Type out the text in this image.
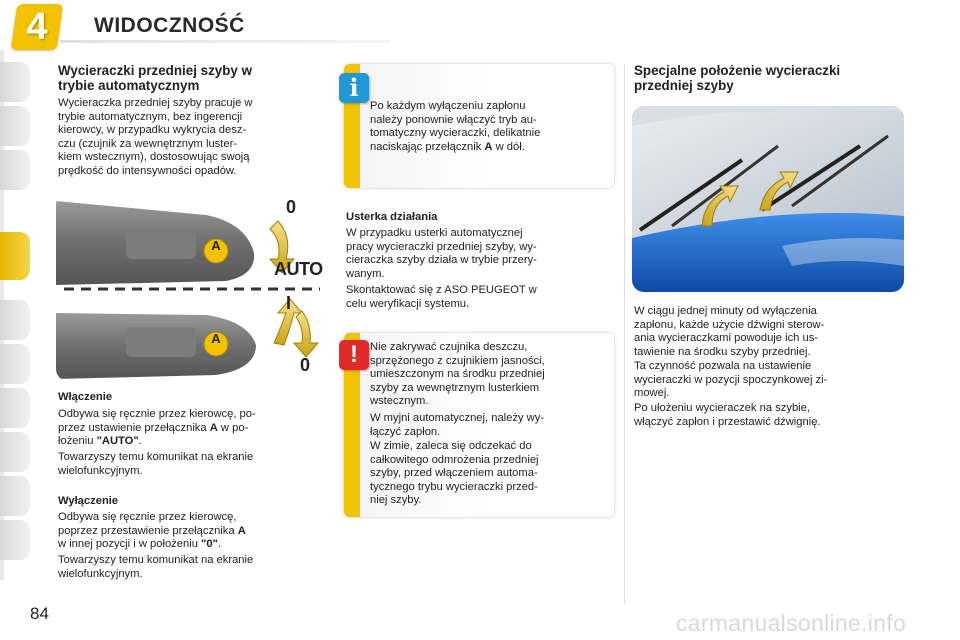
4	WIDOCZNOŚĆ
Wycieraczki przedniej szyby w
trybie automatycznym
Wycieraczka przedniej szyby pracuje w
trybie automatycznym, bez ingerencji
kierowcy, w przypadku wykrycia desz-
czu (czujnik za wewnętrznym luster-
kiem wstecznym), dostosowując swoją
prędkość do intensywności opadów.
A
A
0
AUTO
I
0
Włączenie
Odbywa się ręcznie przez kierowcę, po-
przez ustawienie przełącznika A w po-
łożeniu "AUTO".
Towarzyszy temu komunikat na ekranie
wielofunkcyjnym.
Wyłączenie
Odbywa się ręcznie przez kierowcę,
poprzez przestawienie przełącznika A
w innej pozycji i w położeniu "0".
Towarzyszy temu komunikat na ekranie
wielofunkcyjnym.
i
Po każdym wyłączeniu zapłonu
należy ponownie włączyć tryb au-
tomatyczny wycieraczki, delikatnie
naciskając przełącznik A w dół.
Usterka działania
W przypadku usterki automatycznej
pracy wycieraczki przedniej szyby, wy-
cieraczka szyby działa w trybie przery-
wanym.
Skontaktować się z ASO PEUGEOT w
celu weryfikacji systemu.
!	Nie zakrywać czujnika deszczu,
sprzężonego z czujnikiem jasności,
umieszczonym na środku przedniej
szyby za wewnętrznym lusterkiem
wstecznym.
W myjni automatycznej, należy wy-
łączyć zapłon.
W zimie, zaleca się odczekać do
całkowitego odmrożenia przedniej
szyby, przed włączeniem automa-
tycznego trybu wycieraczki przed-
niej szyby.
Specjalne położenie wycieraczki
przedniej szyby
W ciągu jednej minuty od wyłączenia
zapłonu, każde użycie dźwigni sterow-
ania wycieraczkami powoduje ich us-
tawienie na środku szyby przedniej.
Ta czynność pozwala na ustawienie
wycieraczki w pozycji spoczynkowej zi-
mowej.
Po ułożeniu wycieraczek na szybie,
włączyć zapłon i przestawić dźwignię.
84	carmanualsonline.info
